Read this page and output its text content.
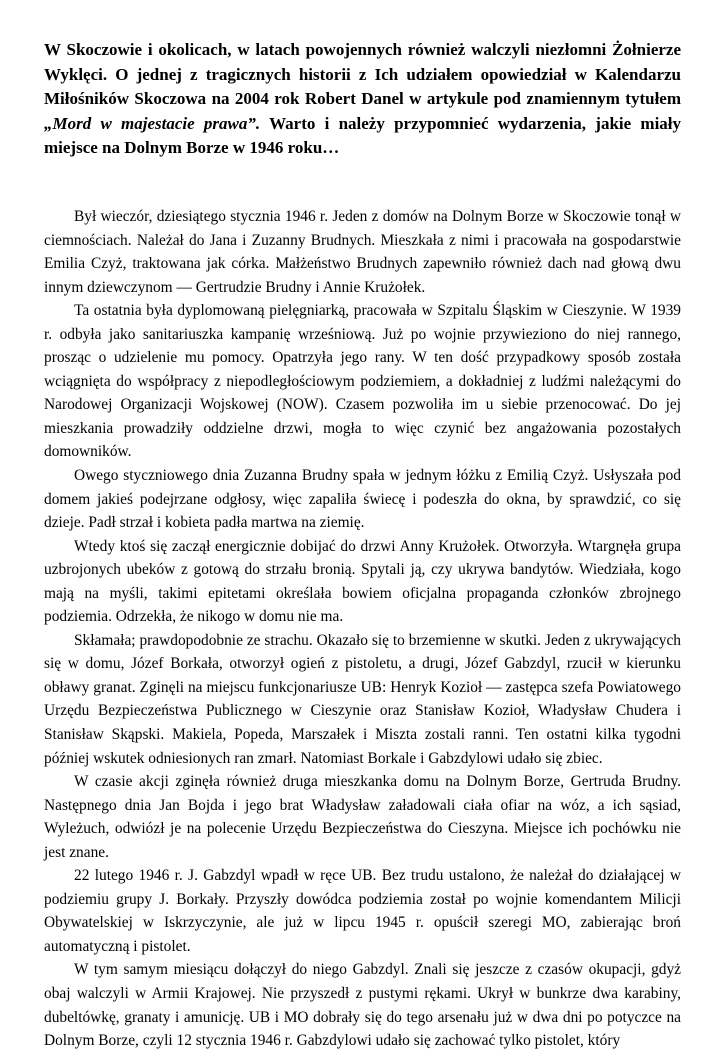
W Skoczowie i okolicach, w latach powojennych również walczyli niezłomni Żołnierze Wyklęci. O jednej z tragicznych historii z Ich udziałem opowiedział w Kalendarzu Miłośników Skoczowa na 2004 rok Robert Danel w artykule pod znamiennym tytułem „Mord w majestacie prawa”. Warto i należy przypomnieć wydarzenia, jakie miały miejsce na Dolnym Borze w 1946 roku…

Był wieczór, dziesiątego stycznia 1946 r. Jeden z domów na Dolnym Borze w Skoczowie tonął w ciemnościach. Należał do Jana i Zuzanny Brudnych. Mieszkała z nimi i pracowała na gospodarstwie Emilia Czyż, traktowana jak córka. Małżeństwo Brudnych zapewniło również dach nad głową dwu innym dziewczynom — Gertrudzie Brudny i Annie Krużołek.

Ta ostatnia była dyplomowaną pielęgniarką, pracowała w Szpitalu Śląskim w Cieszynie. W 1939 r. odbyła jako sanitariuszka kampanię wrześniową. Już po wojnie przywieziono do niej rannego, prosząc o udzielenie mu pomocy. Opatrzyła jego rany. W ten dość przypadkowy sposób została wciągnięta do współpracy z niepodległościowym podziemiem, a dokładniej z ludźmi należącymi do Narodowej Organizacji Wojskowej (NOW). Czasem pozwoliła im u siebie przenocować. Do jej mieszkania prowadziły oddzielne drzwi, mogła to więc czynić bez angażowania pozostałych domowników.

Owego styczniowego dnia Zuzanna Brudny spała w jednym łóżku z Emilią Czyż. Usłyszała pod domem jakieś podejrzane odgłosy, więc zapaliła świecę i podeszła do okna, by sprawdzić, co się dzieje. Padł strzał i kobieta padła martwa na ziemię.

Wtedy ktoś się zaczął energicznie dobijać do drzwi Anny Krużołek. Otworzyła. Wtargnęła grupa uzbrojonych ubeków z gotową do strzału bronią. Spytali ją, czy ukrywa bandytów. Wiedziała, kogo mają na myśli, takimi epitetami określała bowiem oficjalna propaganda członków zbrojnego podziemia. Odrzekła, że nikogo w domu nie ma.

Skłamała; prawdopodobnie ze strachu. Okazało się to brzemienne w skutki. Jeden z ukrywających się w domu, Józef Borkała, otworzył ogień z pistoletu, a drugi, Józef Gabzdyl, rzucił w kierunku obławy granat. Zginęli na miejscu funkcjonariusze UB: Henryk Kozioł — zastępca szefa Powiatowego Urzędu Bezpieczeństwa Publicznego w Cieszynie oraz Stanisław Kozioł, Władysław Chudera i Stanisław Skąpski. Makiela, Popeda, Marszałek i Miszta zostali ranni. Ten ostatni kilka tygodni później wskutek odniesionych ran zmarł. Natomiast Borkale i Gabzdylowi udało się zbiec.

W czasie akcji zginęła również druga mieszkanka domu na Dolnym Borze, Gertruda Brudny. Następnego dnia Jan Bojda i jego brat Władysław załadowali ciała ofiar na wóz, a ich sąsiad, Wyleżuch, odwiózł je na polecenie Urzędu Bezpieczeństwa do Cieszyna. Miejsce ich pochówku nie jest znane.

22 lutego 1946 r. J. Gabzdyl wpadł w ręce UB. Bez trudu ustalono, że należał do działającej w podziemiu grupy J. Borkały. Przyszły dowódca podziemia został po wojnie komendantem Milicji Obywatelskiej w Iskrzyczynie, ale już w lipcu 1945 r. opuścił szeregi MO, zabierając broń automatyczną i pistolet.

W tym samym miesiącu dołączył do niego Gabzdyl. Znali się jeszcze z czasów okupacji, gdyż obaj walczyli w Armii Krajowej. Nie przyszedł z pustymi rękami. Ukrył w bunkrze dwa karabiny, dubeltówkę, granaty i amunicję. UB i MO dobrały się do tego arsenału już w dwa dni po potyczce na Dolnym Borze, czyli 12 stycznia 1946 r. Gabzdylowi udało się zachować tylko pistolet, który
